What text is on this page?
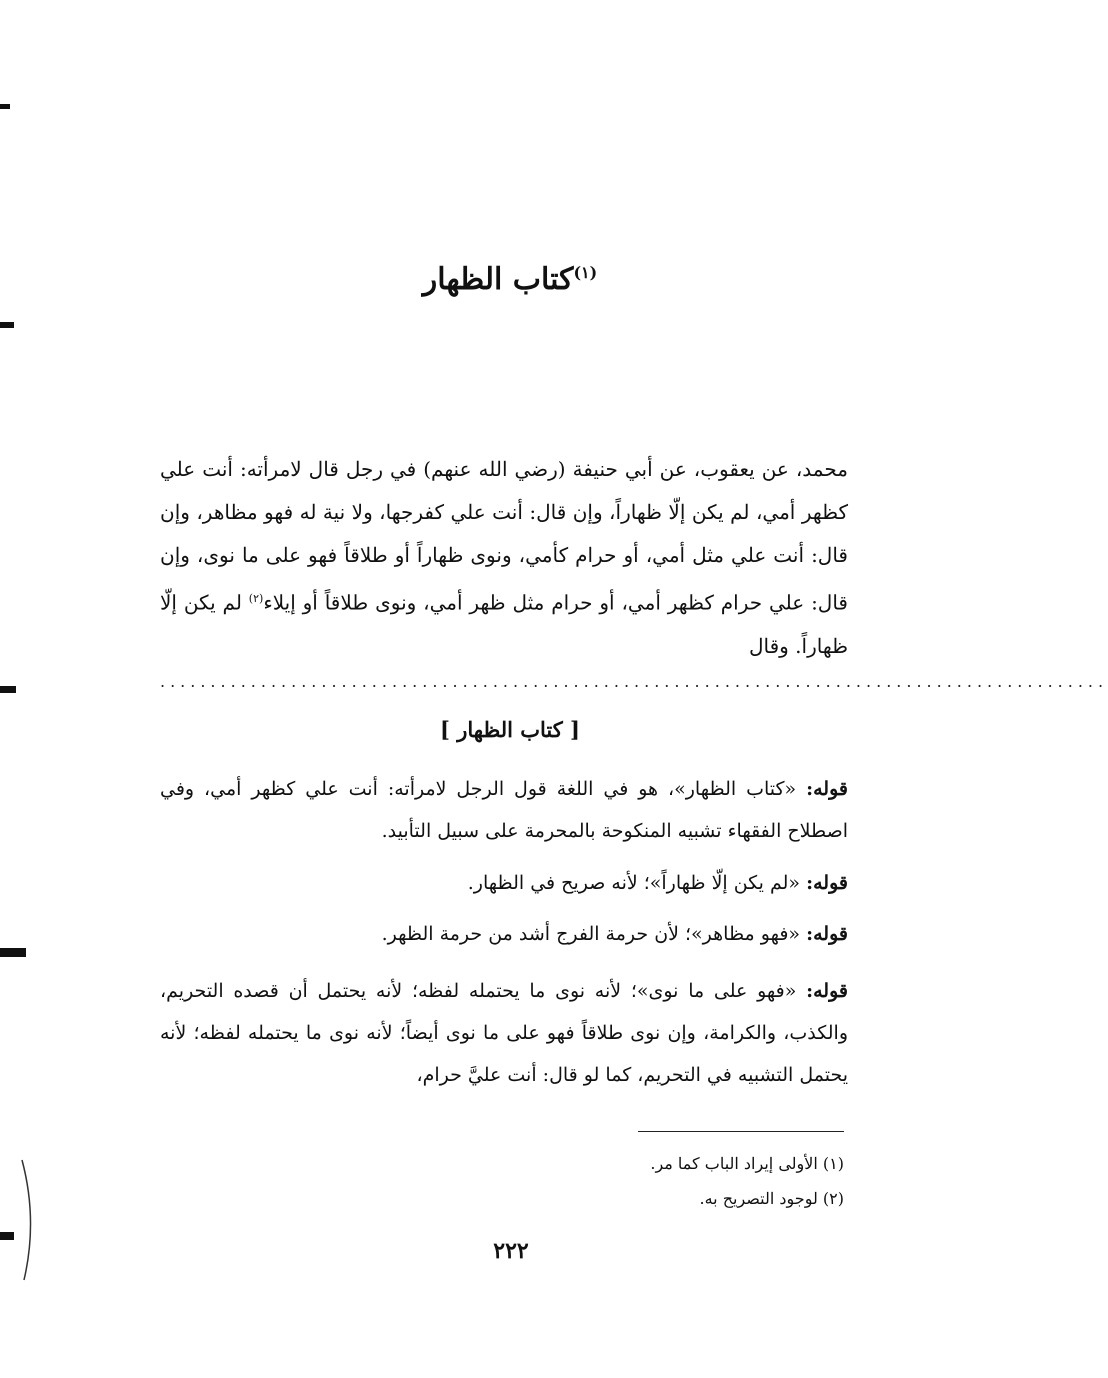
$^{(١)}$كتاب الظهار
محمد، عن يعقوب، عن أبي حنيفة (رضي الله عنهم) في رجل قال لامرأته: أنت علي كظهر أمي، لم يكن إلّا ظهاراً، وإن قال: أنت علي كفرجها، ولا نية له فهو مظاهر، وإن قال: أنت علي مثل أمي، أو حرام كأمي، ونوى ظهاراً أو طلاقاً فهو على ما نوى، وإن قال: علي حرام كظهر أمي، أو حرام مثل ظهر أمي، ونوى طلاقاً أو إيلاء$^{(٢)}$ لم يكن إلّا ظهاراً. وقال
..............................................................................................
[ كتاب الظهار ]
قوله: «كتاب الظهار»، هو في اللغة قول الرجل لامرأته: أنت علي كظهر أمي، وفي اصطلاح الفقهاء تشبيه المنكوحة بالمحرمة على سبيل التأبيد.
قوله: «لم يكن إلّا ظهاراً»؛ لأنه صريح في الظهار.
قوله: «فهو مظاهر»؛ لأن حرمة الفرج أشد من حرمة الظهر.
قوله: «فهو على ما نوى»؛ لأنه نوى ما يحتمله لفظه؛ لأنه يحتمل أن قصده التحريم، والكذب، والكرامة، وإن نوى طلاقاً فهو على ما نوى أيضاً؛ لأنه نوى ما يحتمله لفظه؛ لأنه يحتمل التشبيه في التحريم، كما لو قال: أنت عليَّ حرام،
(١) الأولى إيراد الباب كما مر.
(٢) لوجود التصريح به.
٢٢٢
